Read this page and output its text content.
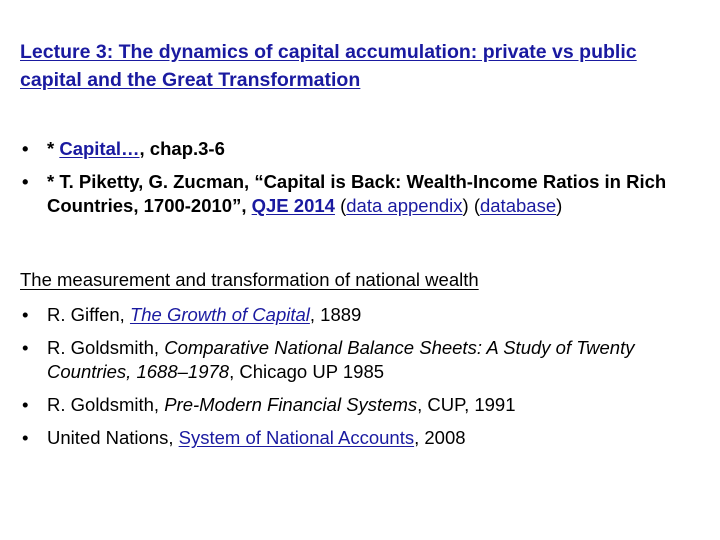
Lecture 3: The dynamics of capital accumulation: private vs public capital and the Great Transformation
• * Capital…, chap.3-6
• * T. Piketty, G. Zucman, “Capital is Back: Wealth-Income Ratios in Rich Countries, 1700-2010”, QJE 2014 (data appendix) (database)
The measurement and transformation of national wealth
• R. Giffen, The Growth of Capital, 1889
• R. Goldsmith, Comparative National Balance Sheets: A Study of Twenty Countries, 1688–1978, Chicago UP 1985
• R. Goldsmith, Pre-Modern Financial Systems, CUP, 1991
• United Nations, System of National Accounts, 2008
